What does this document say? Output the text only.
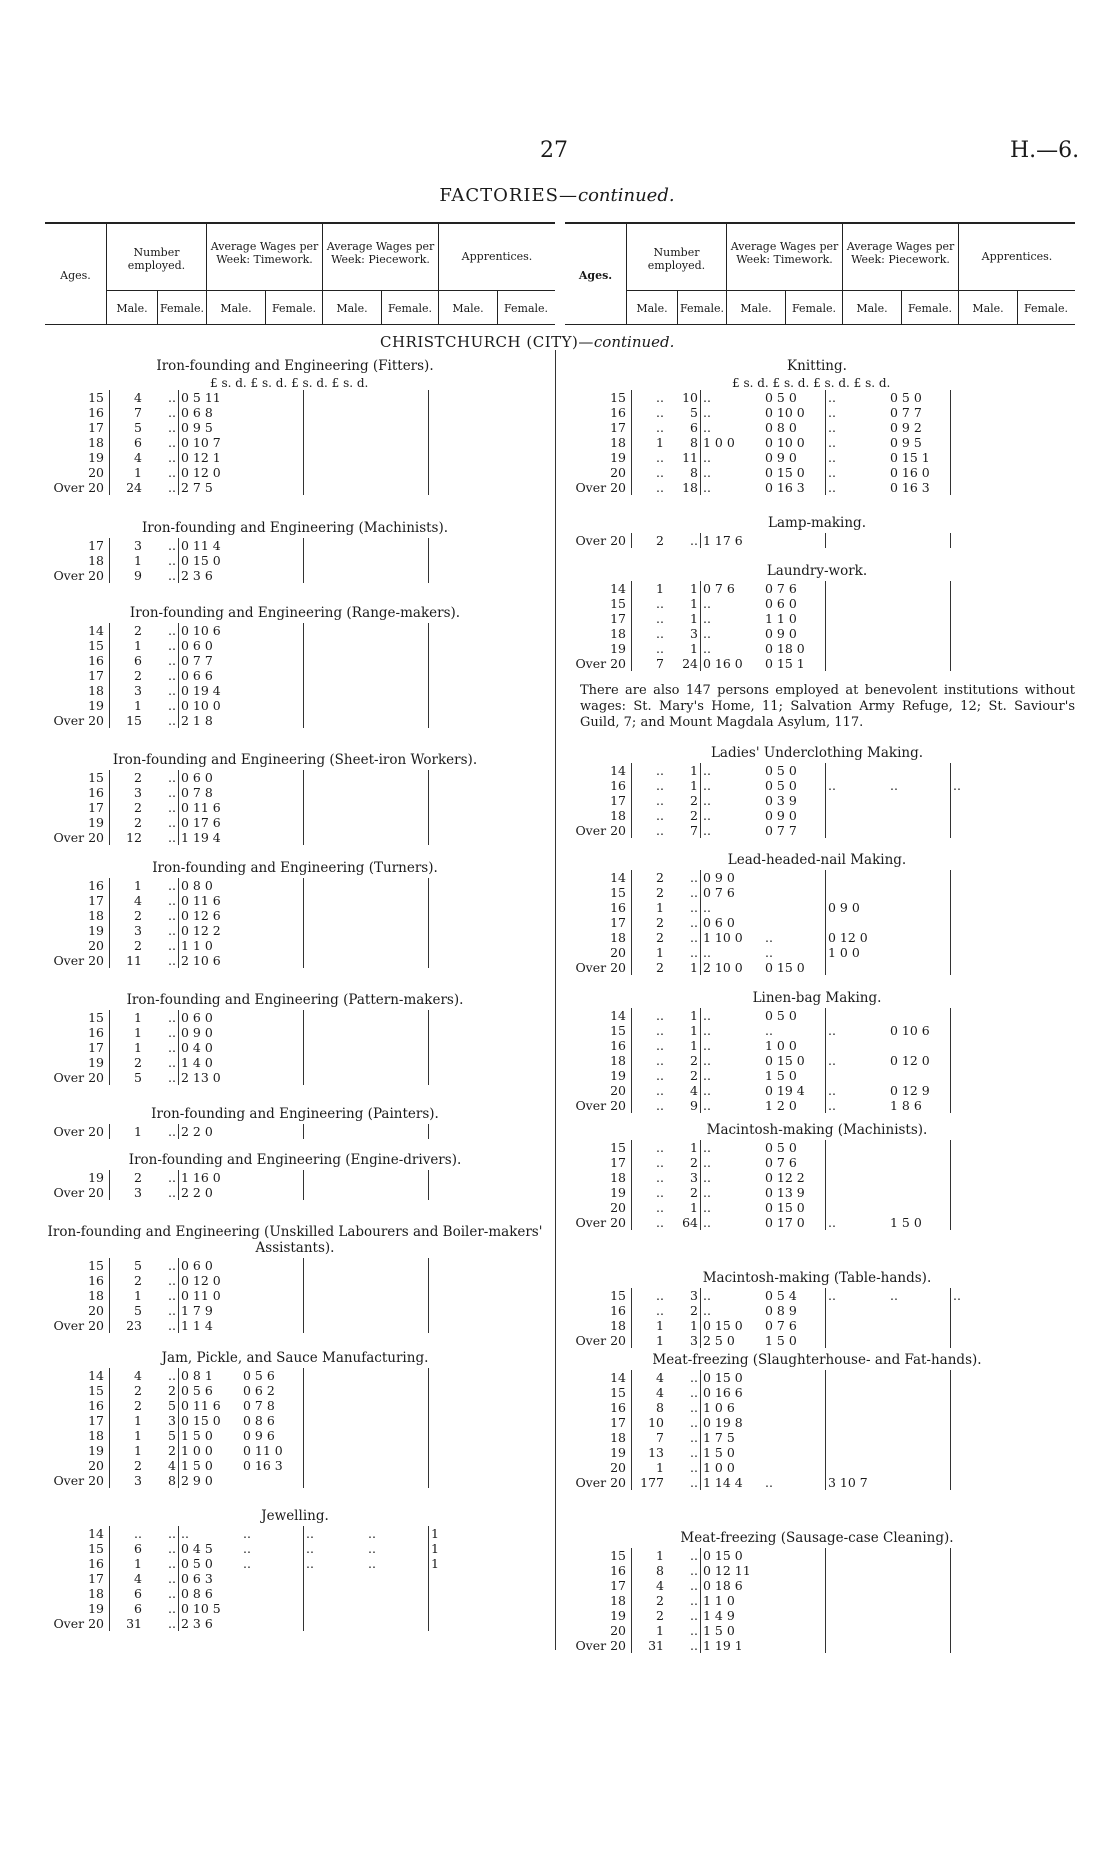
27	H.—6.
FACTORIES—continued.
Ages.
Number employed.
Average Wages per Week: Timework.
Average Wages per Week: Piecework.	Apprentices.
Male.	Female.	Male.	Female.	Male.	Female.	Male.	Female.
Ages.
Number employed.
Average Wages per Week: Timework.
Average Wages per Week: Piecework.	Apprentices.
Male.	Female.	Male.	Female.	Male.	Female.	Male.	Female.
CHRISTCHURCH (CITY)—continued.
Iron-founding and Engineering (Fitters).
£ s. d. £ s. d. £ s. d. £ s. d.
15	4	..	0 5 11				
16	7	..	0 6 8				
17	5	..	0 9 5				
18	6	..	0 10 7				
19	4	..	0 12 1				
20	1	..	0 12 0				
Over 20	24	..	2 7 5				
Iron-founding and Engineering (Machinists).
17	3	..	0 11 4				
18	1	..	0 15 0				
Over 20	9	..	2 3 6				
Iron-founding and Engineering (Range-makers).
14	2	..	0 10 6				
15	1	..	0 6 0				
16	6	..	0 7 7				
17	2	..	0 6 6				
18	3	..	0 19 4				
19	1	..	0 10 0				
Over 20	15	..	2 1 8				
Iron-founding and Engineering (Sheet-iron Workers).
15	2	..	0 6 0				
16	3	..	0 7 8				
17	2	..	0 11 6				
19	2	..	0 17 6				
Over 20	12	..	1 19 4				
Iron-founding and Engineering (Turners).
16	1	..	0 8 0				
17	4	..	0 11 6				
18	2	..	0 12 6				
19	3	..	0 12 2				
20	2	..	1 1 0				
Over 20	11	..	2 10 6				
Iron-founding and Engineering (Pattern-makers).
15	1	..	0 6 0				
16	1	..	0 9 0				
17	1	..	0 4 0				
19	2	..	1 4 0				
Over 20	5	..	2 13 0				
Iron-founding and Engineering (Painters).
Over 20	1	..	2 2 0				
Iron-founding and Engineering (Engine-drivers).
19	2	..	1 16 0				
Over 20	3	..	2 2 0				
Iron-founding and Engineering (Unskilled Labourers and Boiler-makers' Assistants).
15	5	..	0 6 0				
16	2	..	0 12 0				
18	1	..	0 11 0				
20	5	..	1 7 9				
Over 20	23	..	1 1 4				
Jam, Pickle, and Sauce Manufacturing.
14	4	..	0 8 1	0 5 6			
15	2	2	0 5 6	0 6 2			
16	2	5	0 11 6	0 7 8			
17	1	3	0 15 0	0 8 6			
18	1	5	1 5 0	0 9 6			
19	1	2	1 0 0	0 11 0			
20	2	4	1 5 0	0 16 3			
Over 20	3	8	2 9 0				
Jewelling.
14	..	..	..	..	..	..	1
15	6	..	0 4 5	..	..	..	1
16	1	..	0 5 0	..	..	..	1
17	4	..	0 6 3				
18	6	..	0 8 6				
19	6	..	0 10 5				
Over 20	31	..	2 3 6				
Knitting.
£ s. d. £ s. d. £ s. d. £ s. d.
15	..	10	..	0 5 0	..	0 5 0	
16	..	5	..	0 10 0	..	0 7 7	
17	..	6	..	0 8 0	..	0 9 2	
18	1	8	1 0 0	0 10 0	..	0 9 5	
19	..	11	..	0 9 0	..	0 15 1	
20	..	8	..	0 15 0	..	0 16 0	
Over 20	..	18	..	0 16 3	..	0 16 3	
Lamp-making.
Over 20	2	..	1 17 6				
Laundry-work.
14	1	1	0 7 6	0 7 6			
15	..	1	..	0 6 0			
17	..	1	..	1 1 0			
18	..	3	..	0 9 0			
19	..	1	..	0 18 0			
Over 20	7	24	0 16 0	0 15 1			
Ladies' Underclothing Making.
14	..	1	..	0 5 0			
16	..	1	..	0 5 0	..	..	..
17	..	2	..	0 3 9			
18	..	2	..	0 9 0			
Over 20	..	7	..	0 7 7			
Lead-headed-nail Making.
14	2	..	0 9 0				
15	2	..	0 7 6				
16	1	..	..		0 9 0		
17	2	..	0 6 0				
18	2	..	1 10 0	..	0 12 0		
20	1	..	..	..	1 0 0		
Over 20	2	1	2 10 0	0 15 0			
Linen-bag Making.
14	..	1	..	0 5 0			
15	..	1	..	..	..	0 10 6	
16	..	1	..	1 0 0			
18	..	2	..	0 15 0	..	0 12 0	
19	..	2	..	1 5 0			
20	..	4	..	0 19 4	..	0 12 9	
Over 20	..	9	..	1 2 0	..	1 8 6	
Macintosh-making (Machinists).
15	..	1	..	0 5 0			
17	..	2	..	0 7 6			
18	..	3	..	0 12 2			
19	..	2	..	0 13 9			
20	..	1	..	0 15 0			
Over 20	..	64	..	0 17 0	..	1 5 0	
Macintosh-making (Table-hands).
15	..	3	..	0 5 4	..	..	..
16	..	2	..	0 8 9			
18	1	1	0 15 0	0 7 6			
Over 20	1	3	2 5 0	1 5 0			
Meat-freezing (Slaughterhouse- and Fat-hands).
14	4	..	0 15 0				
15	4	..	0 16 6				
16	8	..	1 0 6				
17	10	..	0 19 8				
18	7	..	1 7 5				
19	13	..	1 5 0				
20	1	..	1 0 0				
Over 20	177	..	1 14 4	..	3 10 7		
Meat-freezing (Sausage-case Cleaning).
15	1	..	0 15 0				
16	8	..	0 12 11				
17	4	..	0 18 6				
18	2	..	1 1 0				
19	2	..	1 4 9				
20	1	..	1 5 0				
Over 20	31	..	1 19 1				
There are also 147 persons employed at benevolent institutions without wages: St. Mary's Home, 11; Salvation Army Refuge, 12; St. Saviour's Guild, 7; and Mount Magdala Asylum, 117.
